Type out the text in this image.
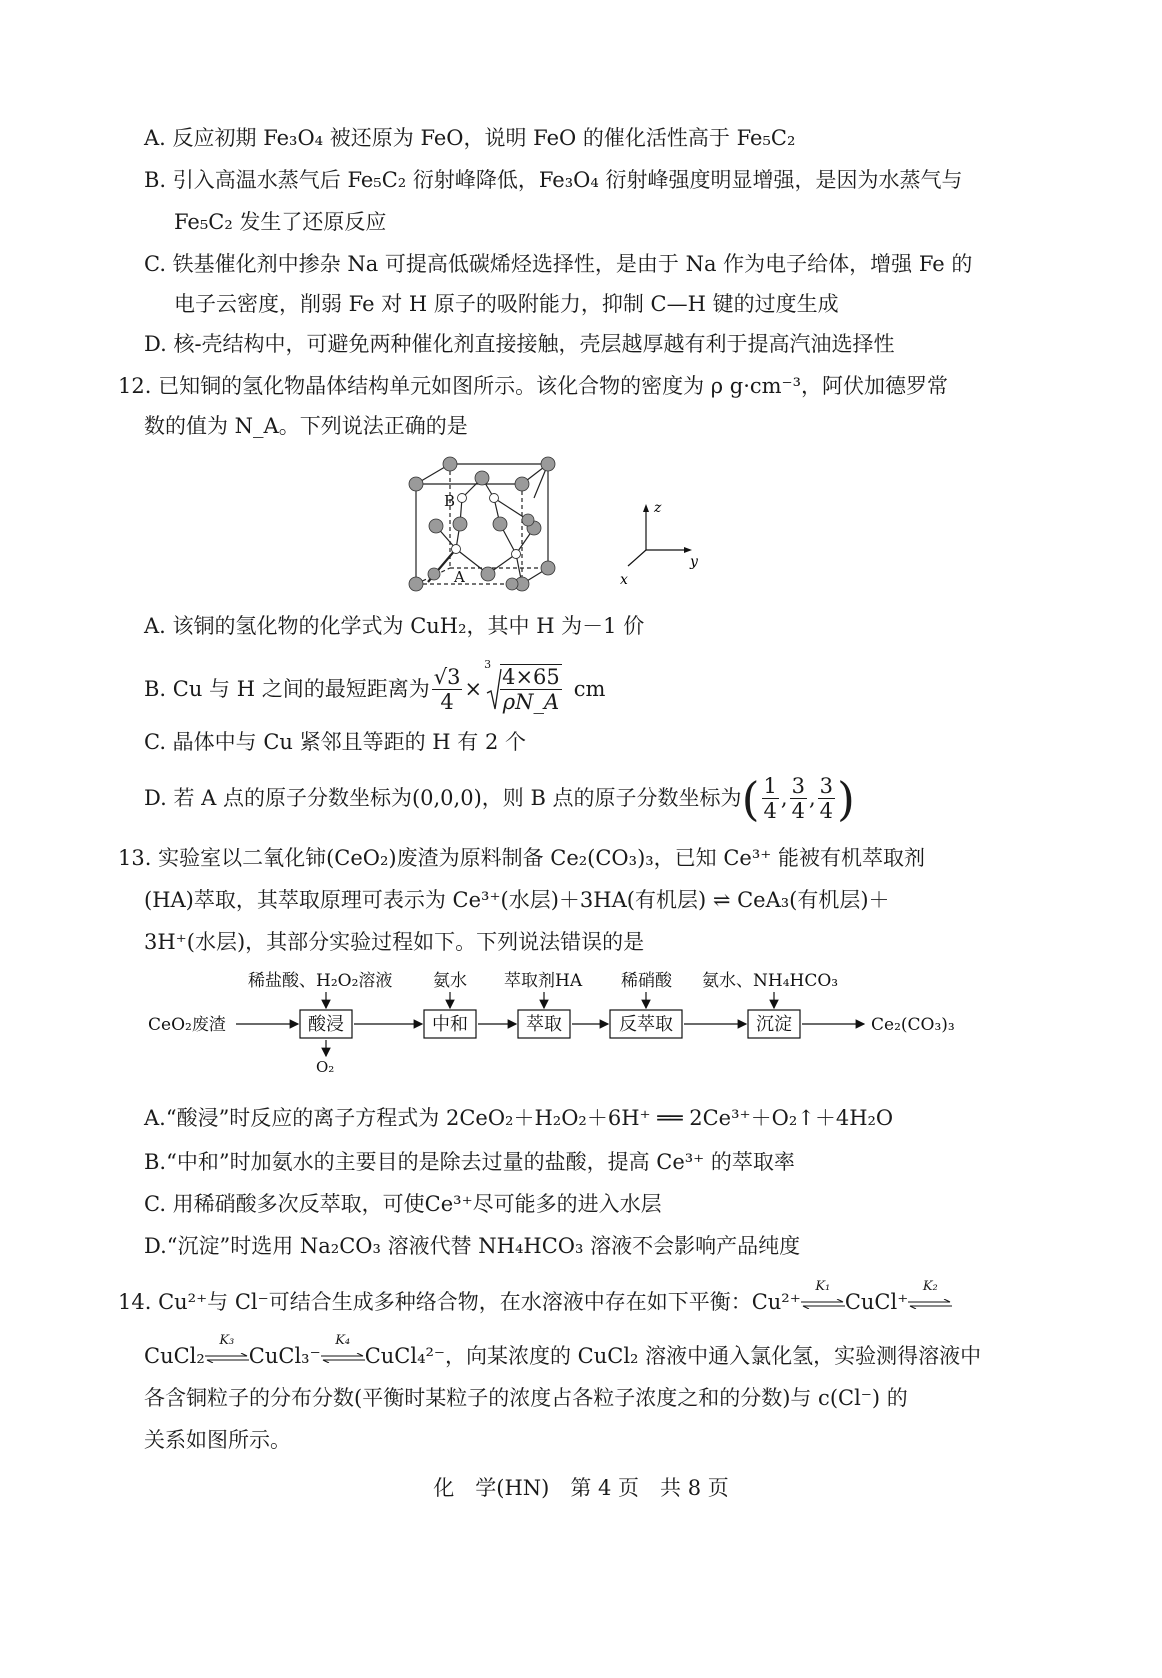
A. 反应初期 Fe₃O₄ 被还原为 FeO，说明 FeO 的催化活性高于 Fe₅C₂
B. 引入高温水蒸气后 Fe₅C₂ 衍射峰降低，Fe₃O₄ 衍射峰强度明显增强，是因为水蒸气与
Fe₅C₂ 发生了还原反应
C. 铁基催化剂中掺杂 Na 可提高低碳烯烃选择性，是由于 Na 作为电子给体，增强 Fe 的
电子云密度，削弱 Fe 对 H 原子的吸附能力，抑制 C—H 键的过度生成
D. 核-壳结构中，可避免两种催化剂直接接触，壳层越厚越有利于提高汽油选择性
12. 已知铜的氢化物晶体结构单元如图所示。该化合物的密度为 ρ g·cm⁻³，阿伏加德罗常
数的值为 N_A。下列说法正确的是
B
A
z
y
x
A. 该铜的氢化物的化学式为 CuH₂，其中 H 为－1 价
B. Cu 与 H 之间的最短距离为 $\frac{√3}{4}$ ×
$3 \frac{4\times 65}{\rho N\_A}$ cm
C. 晶体中与 Cu 紧邻且等距的 H 有 2 个
D. 若 A 点的原子分数坐标为(0,0,0)，则 B 点的原子分数坐标为 ( $\frac{1}{4}$ , $\frac{3}{4}$ , $\frac{3}{4}$ )
13. 实验室以二氧化铈(CeO₂)废渣为原料制备 Ce₂(CO₃)₃，已知 Ce³⁺ 能被有机萃取剂
(HA)萃取，其萃取原理可表示为 Ce³⁺(水层)＋3HA(有机层) ⇌ CeA₃(有机层)＋
3H⁺(水层)，其部分实验过程如下。下列说法错误的是
稀盐酸、H₂O₂溶液 氨水 萃取剂HA 稀硝酸 氨水、NH₄HCO₃
CeO₂废渣	Ce₂(CO₃)₃
O₂
酸浸	中和	萃取	反萃取	沉淀
A.“酸浸”时反应的离子方程式为 2CeO₂＋H₂O₂＋6H⁺ ══ 2Ce³⁺＋O₂↑＋4H₂O
B.“中和”时加氨水的主要目的是除去过量的盐酸，提高 Ce³⁺ 的萃取率
C. 用稀硝酸多次反萃取，可使Ce³⁺尽可能多的进入水层
D.“沉淀”时选用 Na₂CO₃ 溶液代替 NH₄HCO₃ 溶液不会影响产品纯度
14. Cu²⁺与 Cl⁻可结合生成多种络合物，在水溶液中存在如下平衡：Cu²⁺
K₁
CuCl⁺
K₂
CuCl₂
K₃
CuCl₃⁻
K₄
CuCl₄²⁻，向某浓度的 CuCl₂ 溶液中通入氯化氢，实验测得溶液中
各含铜粒子的分布分数(平衡时某粒子的浓度占各粒子浓度之和的分数)与 c(Cl⁻) 的
关系如图所示。
化　学(HN)　第 4 页　共 8 页
